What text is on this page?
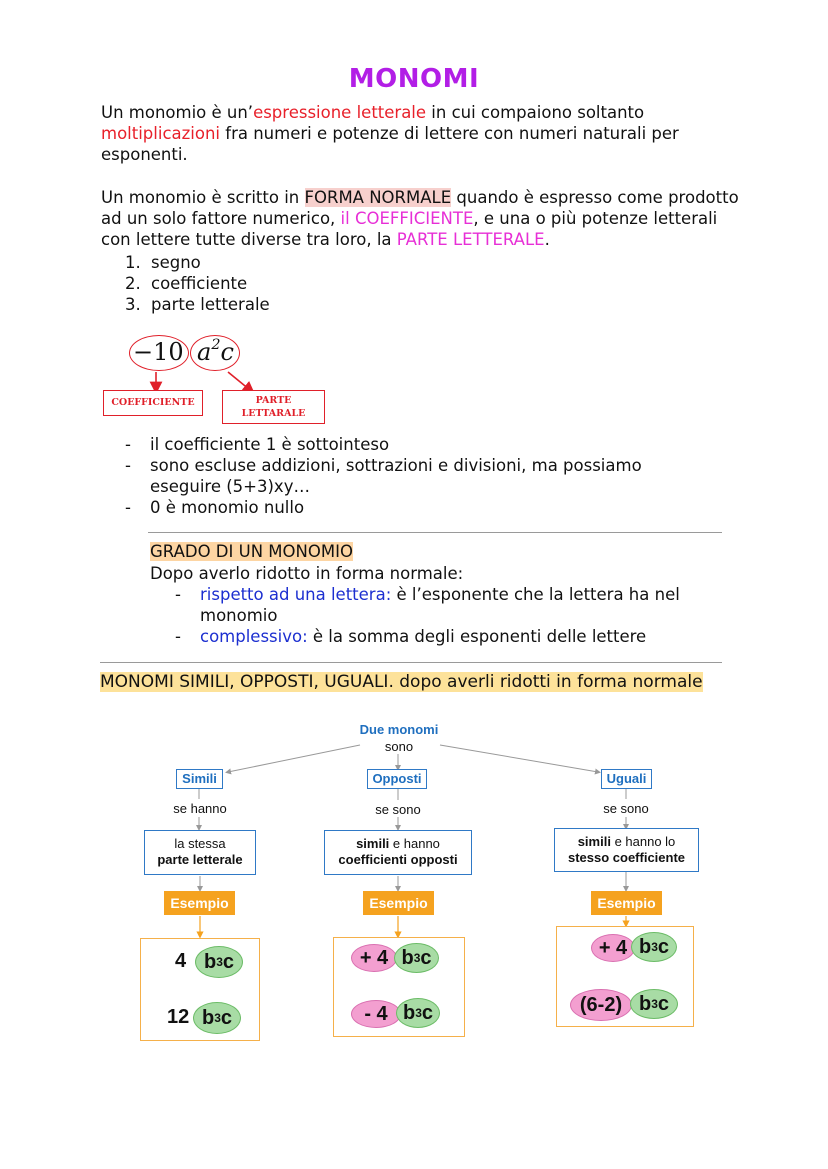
MONOMI
Un monomio è un’espressione letterale in cui compaiono soltanto
moltiplicazioni fra numeri e potenze di lettere con numeri naturali per esponenti.
Un monomio è scritto in FORMA NORMALE quando è espresso come prodotto ad un solo fattore numerico, il COEFFICIENTE, e una o più potenze letterali con lettere tutte diverse tra loro, la PARTE LETTERALE.
1. segno
2. coefficiente
3. parte letterale
−10 $a^2c$
COEFFICIENTE	PARTE
LETTARALE
- il coefficiente 1 è sottointeso
- sono escluse addizioni, sottrazioni e divisioni, ma possiamo eseguire (5+3)xy…
- 0 è monomio nullo
GRADO DI UN MONOMIO
Dopo averlo ridotto in forma normale:
- rispetto ad una lettera: è l’esponente che la lettera ha nel monomio
- complessivo: è la somma degli esponenti delle lettere
MONOMI SIMILI, OPPOSTI, UGUALI. dopo averli ridotti in forma normale
Due monomi
sono
Simili	Opposti	Uguali
se hanno	se sono	se sono
la stessa
parte letterale
simili e hanno
coefficienti opposti
simili e hanno lo
stesso coefficiente
Esempio	Esempio	Esempio
4 b 3 c
12 b 3 c
+ 4 b 3 c
- 4 b 3 c
+ 4 b 3 c
(6-2) b 3 c
